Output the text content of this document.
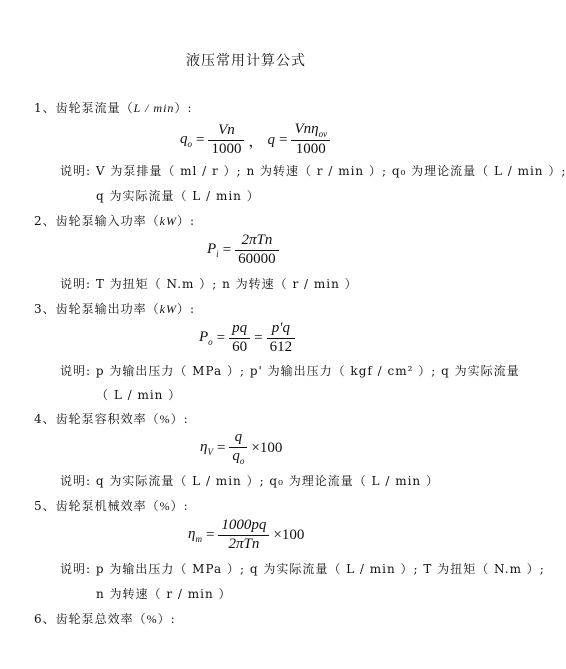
液压常用计算公式
1、齿轮泵流量（L / min）:
$q_o = \frac{Vn}{1000}$ ， $q = \frac{Vn\eta_{ov}}{1000}$
说明: V 为泵排量（ ml / r ）; n 为转速（ r / min ）; q₀ 为理论流量（ L / min ）;
q 为实际流量（ L / min ）
2、齿轮泵输入功率（kW）:
$P_i = \frac{\text{2πTn}}{60000}$
说明: T 为扭矩（ N.m ）; n 为转速（ r / min ）
3、齿轮泵输出功率（kW）:
$P_o = \frac{pq}{60} = \frac{p'q}{612}$
说明: p 为输出压力（ MPa ）; p' 为输出压力（ kgf / cm² ）; q 为实际流量
（ L / min ）
4、齿轮泵容积效率（%）:
$\eta_V = \frac{q}{q_o} \times 100$
说明: q 为实际流量（ L / min ）; q₀ 为理论流量（ L / min ）
5、齿轮泵机械效率（%）:
$\eta_m = \frac{1000pq}{\text{2πTn}} \times 100$
说明: p 为输出压力（ MPa ）; q 为实际流量（ L / min ）; T 为扭矩（ N.m ）;
n 为转速（ r / min ）
6、齿轮泵总效率（%）:
